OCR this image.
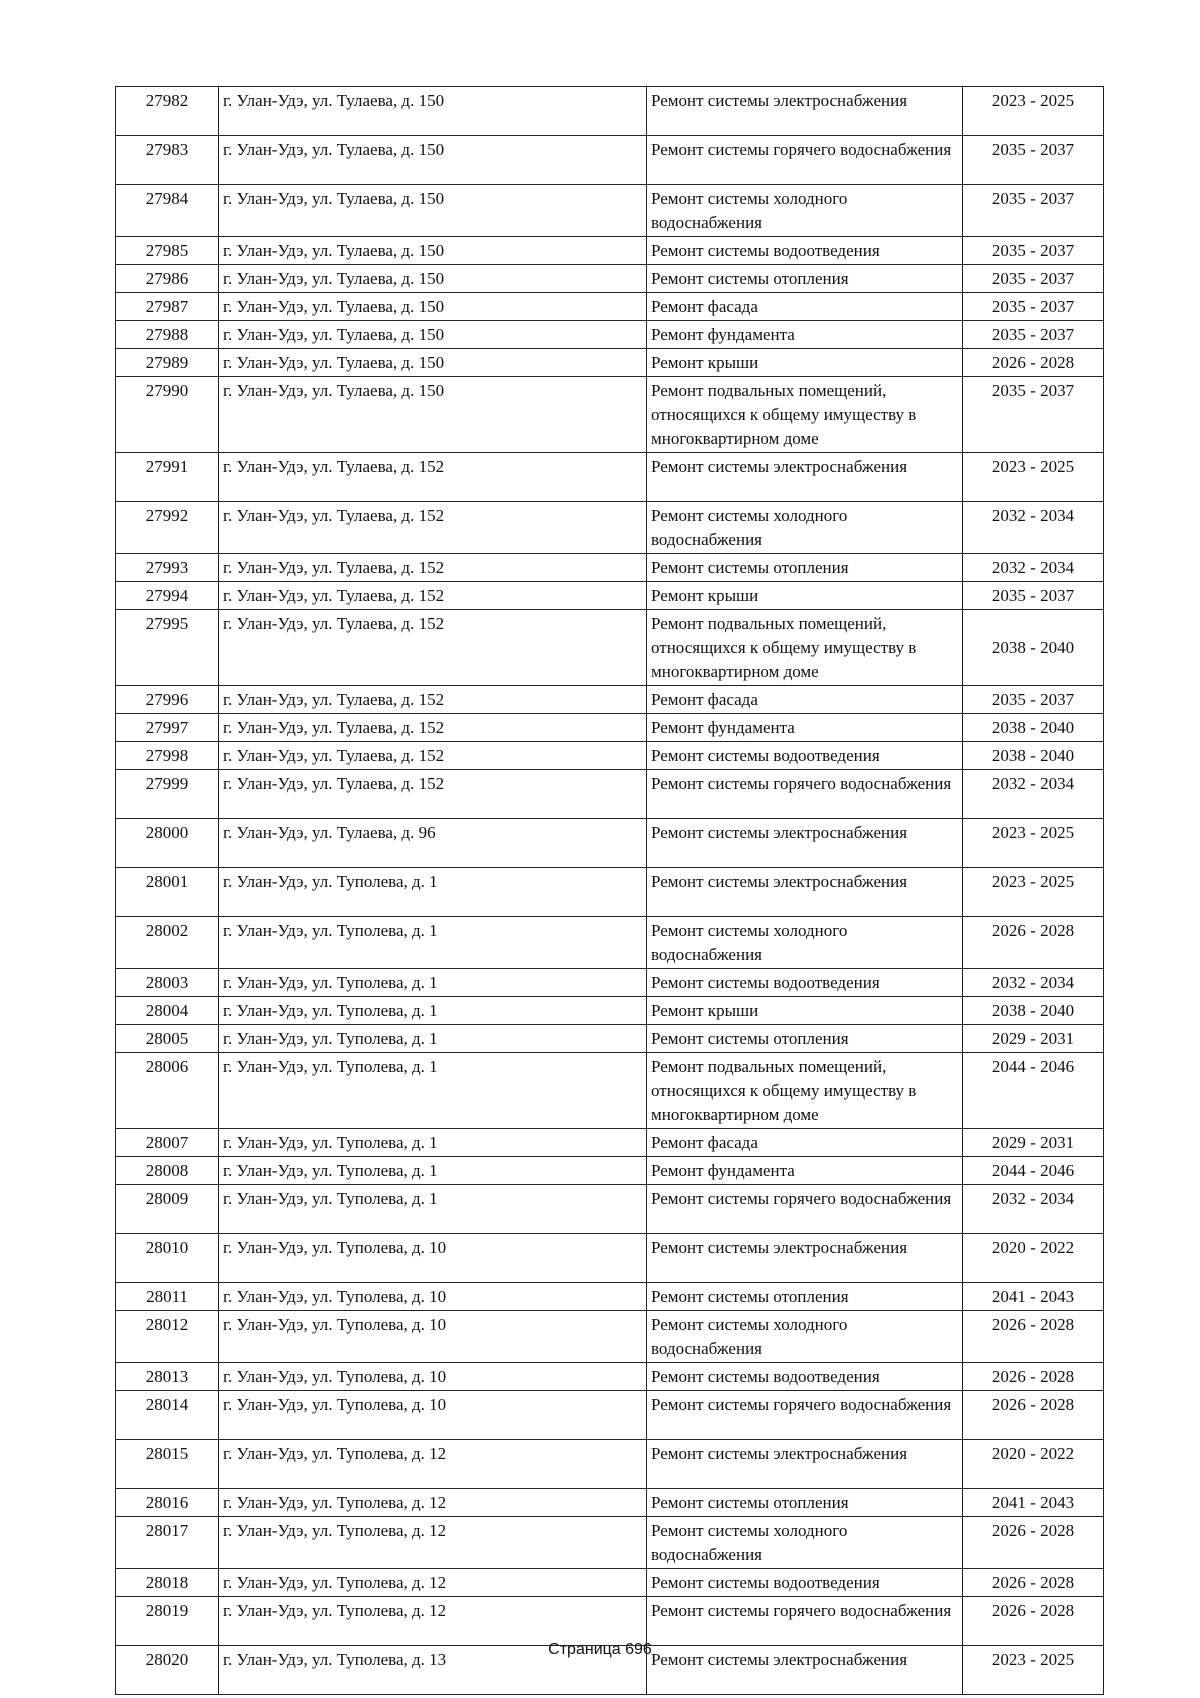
27982	г. Улан-Удэ, ул. Тулаева, д. 150	Ремонт системы электроснабжения	2023 - 2025
27983	г. Улан-Удэ, ул. Тулаева, д. 150	Ремонт системы горячего водоснабжения	2035 - 2037
27984	г. Улан-Удэ, ул. Тулаева, д. 150	Ремонт системы холодного водоснабжения	2035 - 2037
27985	г. Улан-Удэ, ул. Тулаева, д. 150	Ремонт системы водоотведения	2035 - 2037
27986	г. Улан-Удэ, ул. Тулаева, д. 150	Ремонт системы отопления	2035 - 2037
27987	г. Улан-Удэ, ул. Тулаева, д. 150	Ремонт фасада	2035 - 2037
27988	г. Улан-Удэ, ул. Тулаева, д. 150	Ремонт фундамента	2035 - 2037
27989	г. Улан-Удэ, ул. Тулаева, д. 150	Ремонт крыши	2026 - 2028
27990	г. Улан-Удэ, ул. Тулаева, д. 150	Ремонт подвальных помещений, относящихся к общему имуществу в многоквартирном доме	2035 - 2037
27991	г. Улан-Удэ, ул. Тулаева, д. 152	Ремонт системы электроснабжения	2023 - 2025
27992	г. Улан-Удэ, ул. Тулаева, д. 152	Ремонт системы холодного водоснабжения	2032 - 2034
27993	г. Улан-Удэ, ул. Тулаева, д. 152	Ремонт системы отопления	2032 - 2034
27994	г. Улан-Удэ, ул. Тулаева, д. 152	Ремонт крыши	2035 - 2037
27995	г. Улан-Удэ, ул. Тулаева, д. 152	Ремонт подвальных помещений, относящихся к общему имуществу в многоквартирном доме	2038 - 2040
27996	г. Улан-Удэ, ул. Тулаева, д. 152	Ремонт фасада	2035 - 2037
27997	г. Улан-Удэ, ул. Тулаева, д. 152	Ремонт фундамента	2038 - 2040
27998	г. Улан-Удэ, ул. Тулаева, д. 152	Ремонт системы водоотведения	2038 - 2040
27999	г. Улан-Удэ, ул. Тулаева, д. 152	Ремонт системы горячего водоснабжения	2032 - 2034
28000	г. Улан-Удэ, ул. Тулаева, д. 96	Ремонт системы электроснабжения	2023 - 2025
28001	г. Улан-Удэ, ул. Туполева, д. 1	Ремонт системы электроснабжения	2023 - 2025
28002	г. Улан-Удэ, ул. Туполева, д. 1	Ремонт системы холодного водоснабжения	2026 - 2028
28003	г. Улан-Удэ, ул. Туполева, д. 1	Ремонт системы водоотведения	2032 - 2034
28004	г. Улан-Удэ, ул. Туполева, д. 1	Ремонт крыши	2038 - 2040
28005	г. Улан-Удэ, ул. Туполева, д. 1	Ремонт системы отопления	2029 - 2031
28006	г. Улан-Удэ, ул. Туполева, д. 1	Ремонт подвальных помещений, относящихся к общему имуществу в многоквартирном доме	2044 - 2046
28007	г. Улан-Удэ, ул. Туполева, д. 1	Ремонт фасада	2029 - 2031
28008	г. Улан-Удэ, ул. Туполева, д. 1	Ремонт фундамента	2044 - 2046
28009	г. Улан-Удэ, ул. Туполева, д. 1	Ремонт системы горячего водоснабжения	2032 - 2034
28010	г. Улан-Удэ, ул. Туполева, д. 10	Ремонт системы электроснабжения	2020 - 2022
28011	г. Улан-Удэ, ул. Туполева, д. 10	Ремонт системы отопления	2041 - 2043
28012	г. Улан-Удэ, ул. Туполева, д. 10	Ремонт системы холодного водоснабжения	2026 - 2028
28013	г. Улан-Удэ, ул. Туполева, д. 10	Ремонт системы водоотведения	2026 - 2028
28014	г. Улан-Удэ, ул. Туполева, д. 10	Ремонт системы горячего водоснабжения	2026 - 2028
28015	г. Улан-Удэ, ул. Туполева, д. 12	Ремонт системы электроснабжения	2020 - 2022
28016	г. Улан-Удэ, ул. Туполева, д. 12	Ремонт системы отопления	2041 - 2043
28017	г. Улан-Удэ, ул. Туполева, д. 12	Ремонт системы холодного водоснабжения	2026 - 2028
28018	г. Улан-Удэ, ул. Туполева, д. 12	Ремонт системы водоотведения	2026 - 2028
28019	г. Улан-Удэ, ул. Туполева, д. 12	Ремонт системы горячего водоснабжения	2026 - 2028
28020	г. Улан-Удэ, ул. Туполева, д. 13	Ремонт системы электроснабжения	2023 - 2025
Страница 696
